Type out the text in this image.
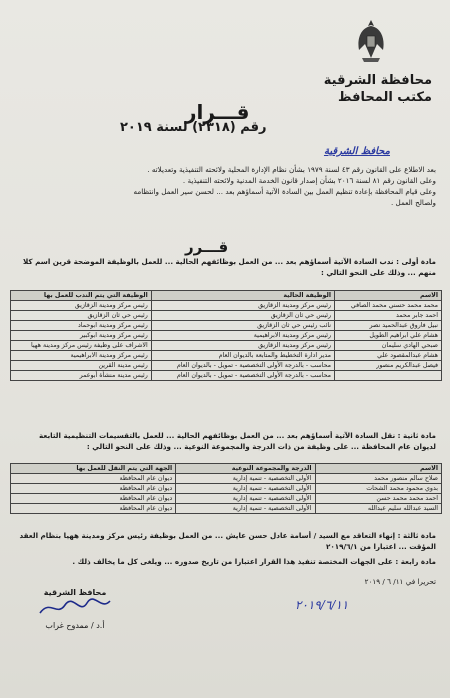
محافظة الشرقية
مكتب المحافظ
قـــرار
رقم (٢٣١٨) لسنة ٢٠١٩
محافظ الشرقية
بعد الاطلاع على القانون رقم ٤٣ لسنة ١٩٧٩ بشأن نظام الإدارة المحلية ولائحته التنفيذية وتعديلاته .
وعلى القانون رقم ٨١ لسنة ٢٠١٦ بشأن إصدار قانون الخدمة المدنية ولائحته التنفيذية .
وعلى قيام المحافظة بإعادة تنظيم العمل بين السادة الآتية أسماؤهم بعد ... لحسن سير العمل وانتظامه
ولصالح العمل .
قـــرر
مادة أولى : ندب السادة الآتية أسماؤهم بعد ... من العمل بوظائفهم الحالية ... للعمل بالوظيفة الموضحة قرين اسم كلا منهم ... وذلك على النحو التالي :
الاسم	الوظيفة الحالية	الوظيفة التي يتم الندب للعمل بها
محمد محمد حسني محمد الصافي	رئيس مركز ومدينة الزقازيق	رئيس مركز ومدينة الزقازيق
احمد جابر محمد	رئيس حي ثان الزقازيق	رئيس حي ثان الزقازيق
نبيل فاروق عبدالحميد نصر	نائب رئيس حي ثان الزقازيق	رئيس مركز ومدينة ابوحماد
هشام علي ابراهيم الطويل	رئيس مركز ومدينة الابراهيمية	رئيس مركز ومدينة ابوكبير
صبحي الهادي سليمان	رئيس مركز ومدينة الزقازيق	الاشراف على وظيفة رئيس مركز ومدينة ههيا
هشام عبدالمقصود علي	مدير ادارة التخطيط والمتابعة بالديوان العام	رئيس مركز ومدينة الابراهيمية
فيصل عبدالكريم منصور	محاسب - بالدرجة الأولى التخصصية - تمويل - بالديوان العام	رئيس مدينة القرين
	محاسب - بالدرجة الأولى التخصصية - تمويل - بالديوان العام	رئيس مدينة منشأة أبوعمر
مادة ثانية : نقل السادة الآتية أسماؤهم بعد ... من العمل بوظائفهم الحالية ... للعمل بالتقسيمات التنظيمية التابعة لديوان عام المحافظة ... على وظيفة من ذات الدرجة والمجموعة النوعية ... وذلك على النحو التالي :
الاسم	الدرجة والمجموعة النوعية	الجهة التي يتم النقل للعمل بها
صلاح سالم منصور محمد	الأولى التخصصية - تنمية إدارية	ديوان عام المحافظة
بدوي محمود محمد الشحات	الأولى التخصصية - تنمية إدارية	ديوان عام المحافظة
احمد محمد محمد حسن	الأولى التخصصية - تنمية إدارية	ديوان عام المحافظة
السيد عبدالله سليم عبدالله	الأولى التخصصية - تنمية إدارية	ديوان عام المحافظة
مادة ثالثة : إنهاء التعاقد مع السيد / أسامة عادل حسن عايش ... من العمل بوظيفة رئيس مركز ومدينة ههيا بنظام العقد المؤقت ... اعتبارا من ٢٠١٩/٦/١
مادة رابعة : على الجهات المختصة تنفيذ هذا القرار اعتبارا من تاريخ صدوره ... ويلغى كل ما يخالف ذلك .
تحريرا في ١١/ ٦ / ٢٠١٩
٢٠١٩/٦/١١
محافظ الشرقية
أ.د / ممدوح غراب
